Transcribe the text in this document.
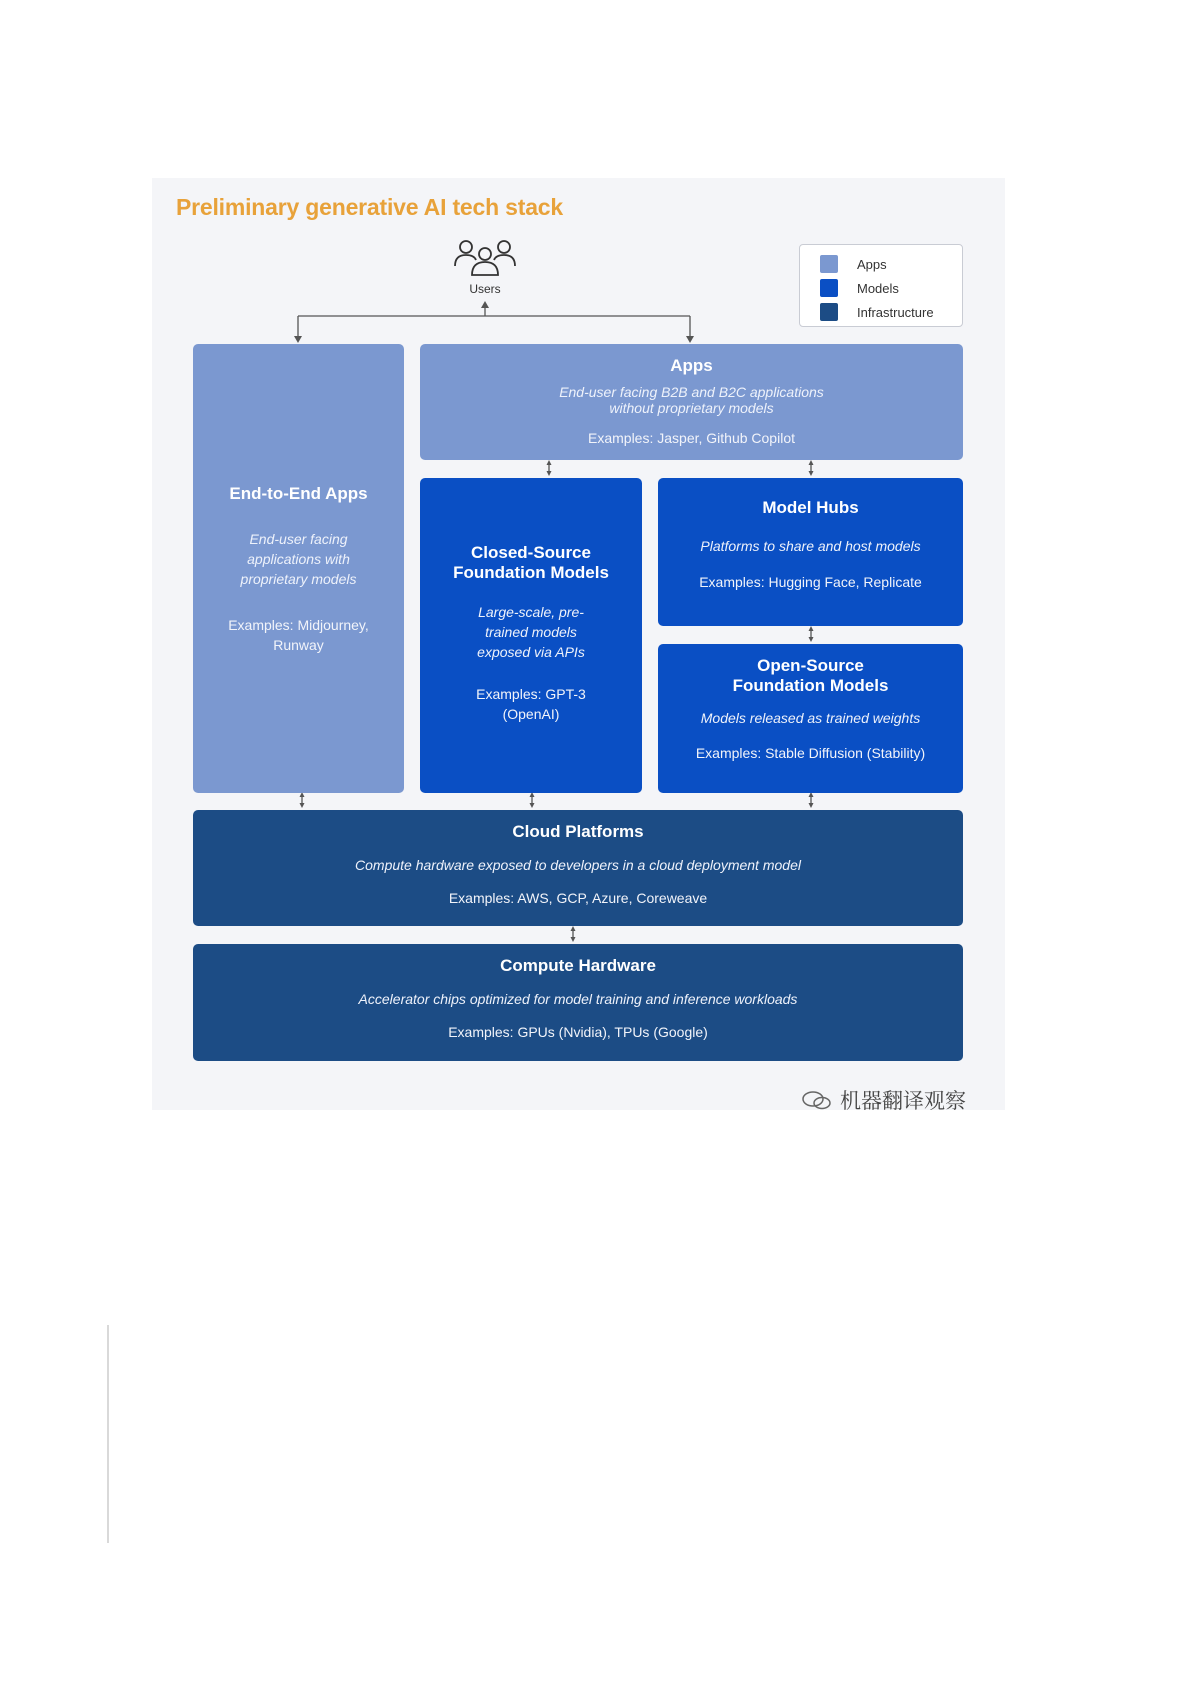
Preliminary generative AI tech stack
Users
Apps
Models
Infrastructure
End-to-End Apps
End-user facing
applications with
proprietary models
Examples: Midjourney,
Runway
Apps
End-user facing B2B and B2C applications
without proprietary models
Examples: Jasper, Github Copilot
Closed-Source
Foundation Models
Large-scale, pre-
trained models
exposed via APIs
Examples: GPT-3
(OpenAI)
Model Hubs
Platforms to share and host models
Examples: Hugging Face, Replicate
Open-Source
Foundation Models
Models released as trained weights
Examples: Stable Diffusion (Stability)
Cloud Platforms
Compute hardware exposed to developers in a cloud deployment model
Examples: AWS, GCP, Azure, Coreweave
Compute Hardware
Accelerator chips optimized for model training and inference workloads
Examples: GPUs (Nvidia), TPUs (Google)
机器翻译观察
